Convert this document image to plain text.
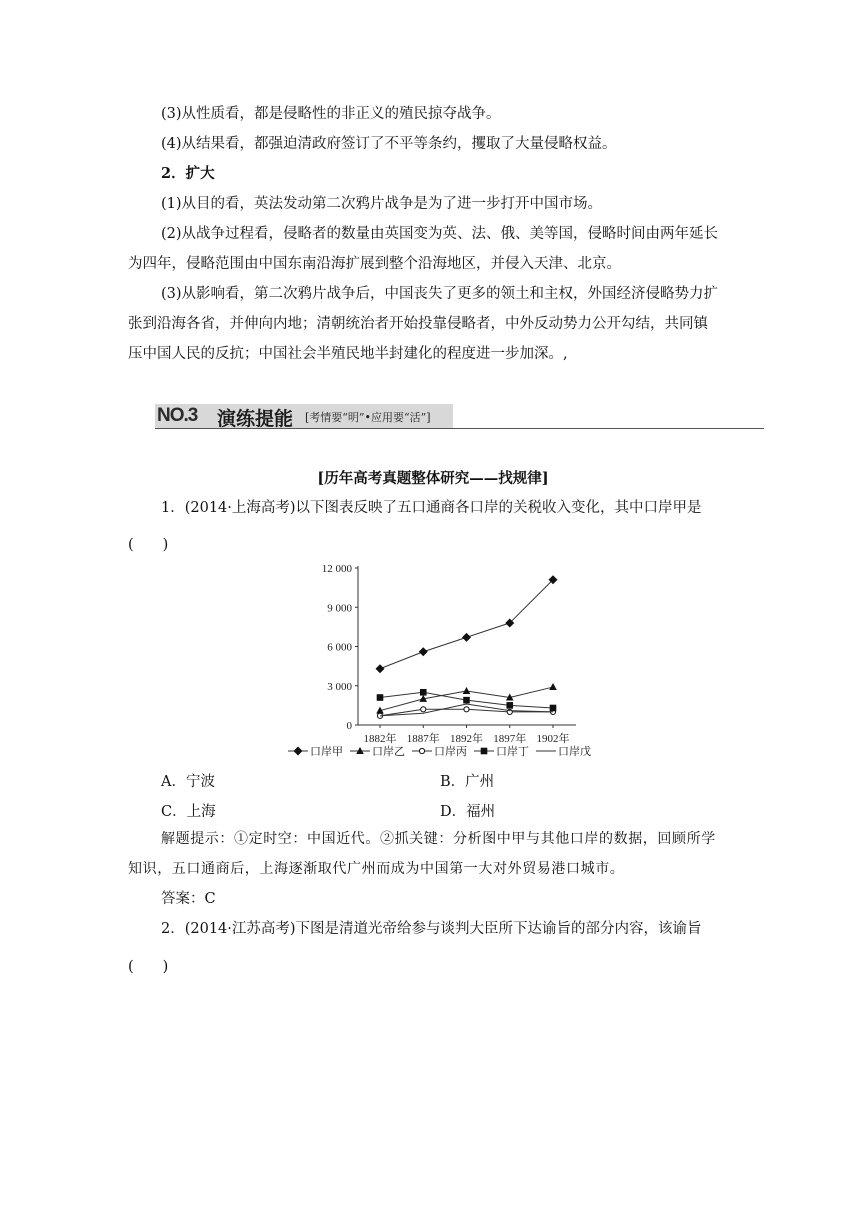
(3)从性质看，都是侵略性的非正义的殖民掠夺战争。
(4)从结果看，都强迫清政府签订了不平等条约，攫取了大量侵略权益。
2．扩大
(1)从目的看，英法发动第二次鸦片战争是为了进一步打开中国市场。
(2)从战争过程看，侵略者的数量由英国变为英、法、俄、美等国，侵略时间由两年延长
为四年，侵略范围由中国东南沿海扩展到整个沿海地区，并侵入天津、北京。
(3)从影响看，第二次鸦片战争后，中国丧失了更多的领土和主权，外国经济侵略势力扩
张到沿海各省，并伸向内地；清朝统治者开始投靠侵略者，中外反动势力公开勾结，共同镇
压中国人民的反抗；中国社会半殖民地半封建化的程度进一步加深。,
NO.3 演练提能 [考情要“明”•应用要“活”]
[历年高考真题整体研究——找规律]
1．(2014·上海高考)以下图表反映了五口通商各口岸的关税收入变化，其中口岸甲是
(　　)
0
3 000
6 000
9 000
12 000
1882年 1887年 1892年 1897年 1902年
口岸甲	口岸乙	口岸丙	口岸丁	口岸戊
A．宁波	B．广州
C．上海	D．福州
解题提示：①定时空：中国近代。②抓关键：分析图中甲与其他口岸的数据，回顾所学
知识，五口通商后，上海逐渐取代广州而成为中国第一大对外贸易港口城市。
答案：C
2．(2014·江苏高考)下图是清道光帝给参与谈判大臣所下达谕旨的部分内容，该谕旨
(　　)
